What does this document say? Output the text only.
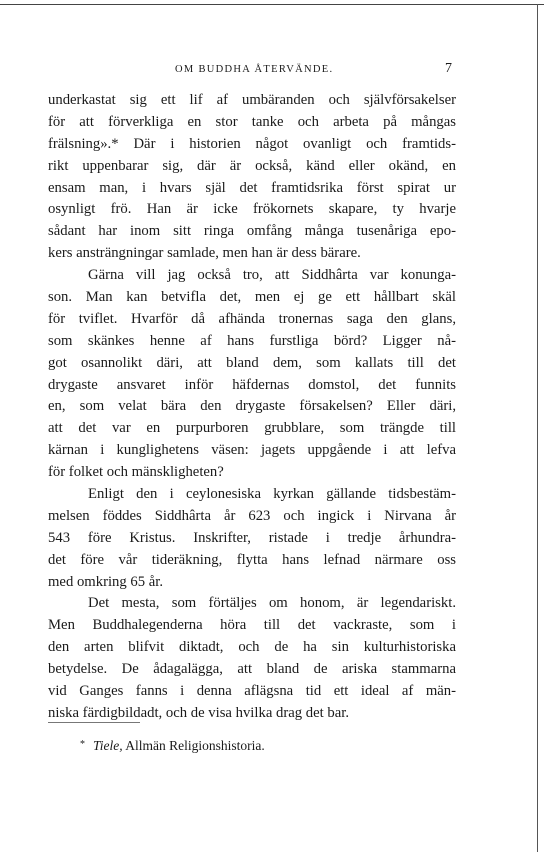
OM BUDDHA ÅTERVÄNDE.	7
underkastat sig ett lif af umbäranden och självförsakelser
för att förverkliga en stor tanke och arbeta på mångas
frälsning».* Där i historien något ovanligt och framtids-
rikt uppenbarar sig, där är också, känd eller okänd, en
ensam man, i hvars själ det framtidsrika först spirat ur
osynligt frö. Han är icke frökornets skapare, ty hvarje
sådant har inom sitt ringa omfång många tusenåriga epo-
kers ansträngningar samlade, men han är dess bärare.
Gärna vill jag också tro, att Siddhârta var konunga-
son. Man kan betvifla det, men ej ge ett hållbart skäl
för tviflet. Hvarför då afhända tronernas saga den glans,
som skänkes henne af hans furstliga börd? Ligger nå-
got osannolikt däri, att bland dem, som kallats till det
drygaste ansvaret inför häfdernas domstol, det funnits
en, som velat bära den drygaste försakelsen? Eller däri,
att det var en purpurboren grubblare, som trängde till
kärnan i kunglighetens väsen: jagets uppgående i att lefva
för folket och mänskligheten?
Enligt den i ceylonesiska kyrkan gällande tidsbestäm-
melsen föddes Siddhârta år 623 och ingick i Nirvana år
543 före Kristus. Inskrifter, ristade i tredje århundra-
det före vår tideräkning, flytta hans lefnad närmare oss
med omkring 65 år.
Det mesta, som förtäljes om honom, är legendariskt.
Men Buddhalegenderna höra till det vackraste, som i
den arten blifvit diktadt, och de ha sin kulturhistoriska
betydelse. De ådagalägga, att bland de ariska stammarna
vid Ganges fanns i denna aflägsna tid ett ideal af män-
niska färdigbildadt, och de visa hvilka drag det bar.
* Tiele, Allmän Religionshistoria.
